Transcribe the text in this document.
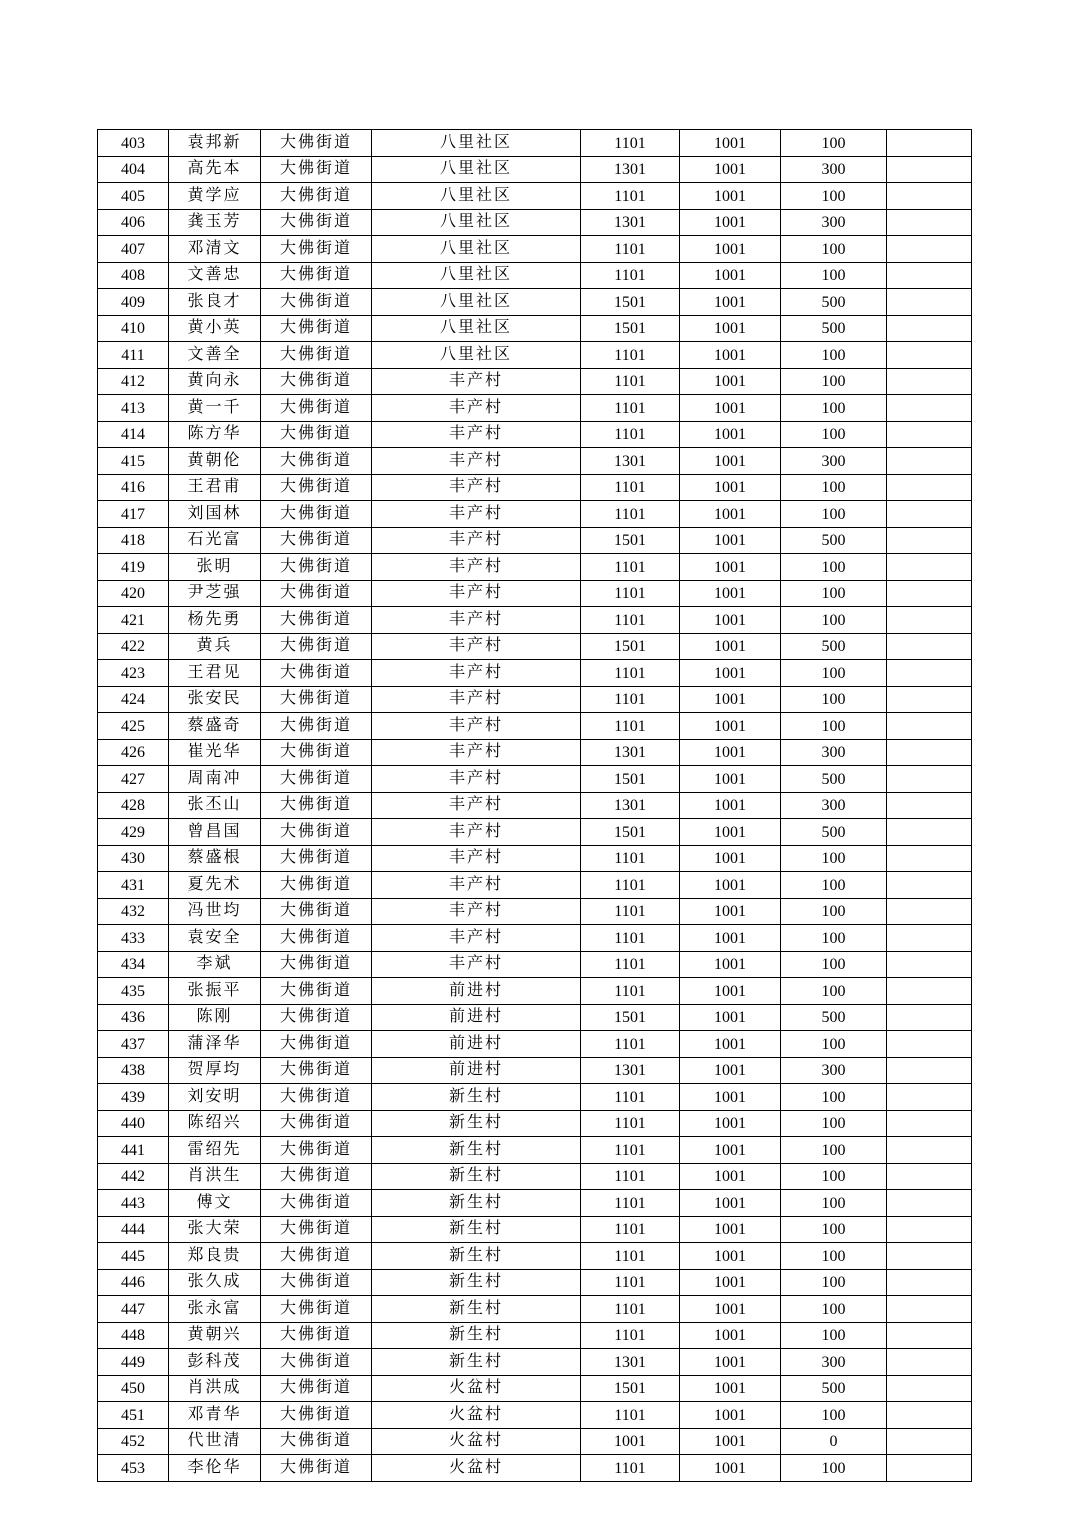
403	袁邦新	大佛街道	八里社区	1101	1001	100	
404	高先本	大佛街道	八里社区	1301	1001	300	
405	黄学应	大佛街道	八里社区	1101	1001	100	
406	龚玉芳	大佛街道	八里社区	1301	1001	300	
407	邓清文	大佛街道	八里社区	1101	1001	100	
408	文善忠	大佛街道	八里社区	1101	1001	100	
409	张良才	大佛街道	八里社区	1501	1001	500	
410	黄小英	大佛街道	八里社区	1501	1001	500	
411	文善全	大佛街道	八里社区	1101	1001	100	
412	黄向永	大佛街道	丰产村	1101	1001	100	
413	黄一千	大佛街道	丰产村	1101	1001	100	
414	陈方华	大佛街道	丰产村	1101	1001	100	
415	黄朝伦	大佛街道	丰产村	1301	1001	300	
416	王君甫	大佛街道	丰产村	1101	1001	100	
417	刘国林	大佛街道	丰产村	1101	1001	100	
418	石光富	大佛街道	丰产村	1501	1001	500	
419	张明	大佛街道	丰产村	1101	1001	100	
420	尹芝强	大佛街道	丰产村	1101	1001	100	
421	杨先勇	大佛街道	丰产村	1101	1001	100	
422	黄兵	大佛街道	丰产村	1501	1001	500	
423	王君见	大佛街道	丰产村	1101	1001	100	
424	张安民	大佛街道	丰产村	1101	1001	100	
425	蔡盛奇	大佛街道	丰产村	1101	1001	100	
426	崔光华	大佛街道	丰产村	1301	1001	300	
427	周南冲	大佛街道	丰产村	1501	1001	500	
428	张丕山	大佛街道	丰产村	1301	1001	300	
429	曾昌国	大佛街道	丰产村	1501	1001	500	
430	蔡盛根	大佛街道	丰产村	1101	1001	100	
431	夏先术	大佛街道	丰产村	1101	1001	100	
432	冯世均	大佛街道	丰产村	1101	1001	100	
433	袁安全	大佛街道	丰产村	1101	1001	100	
434	李斌	大佛街道	丰产村	1101	1001	100	
435	张振平	大佛街道	前进村	1101	1001	100	
436	陈刚	大佛街道	前进村	1501	1001	500	
437	蒲泽华	大佛街道	前进村	1101	1001	100	
438	贺厚均	大佛街道	前进村	1301	1001	300	
439	刘安明	大佛街道	新生村	1101	1001	100	
440	陈绍兴	大佛街道	新生村	1101	1001	100	
441	雷绍先	大佛街道	新生村	1101	1001	100	
442	肖洪生	大佛街道	新生村	1101	1001	100	
443	傅文	大佛街道	新生村	1101	1001	100	
444	张大荣	大佛街道	新生村	1101	1001	100	
445	郑良贵	大佛街道	新生村	1101	1001	100	
446	张久成	大佛街道	新生村	1101	1001	100	
447	张永富	大佛街道	新生村	1101	1001	100	
448	黄朝兴	大佛街道	新生村	1101	1001	100	
449	彭科茂	大佛街道	新生村	1301	1001	300	
450	肖洪成	大佛街道	火盆村	1501	1001	500	
451	邓青华	大佛街道	火盆村	1101	1001	100	
452	代世清	大佛街道	火盆村	1001	1001	0	
453	李伦华	大佛街道	火盆村	1101	1001	100	
